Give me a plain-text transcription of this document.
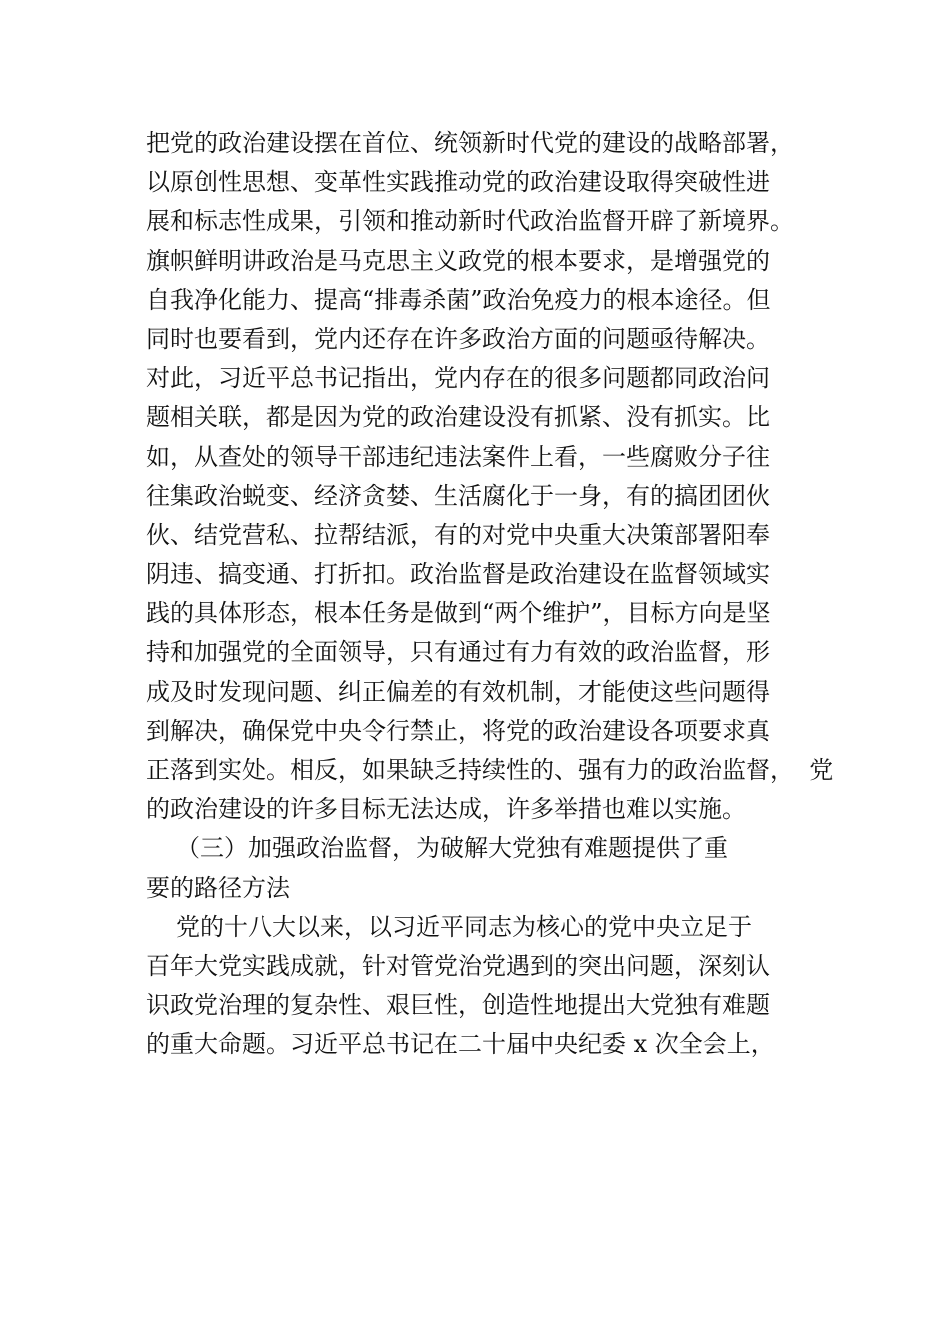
把党的政治建设摆在首位、统领新时代党的建设的战略部署，
以原创性思想、变革性实践推动党的政治建设取得突破性进
展和标志性成果，引领和推动新时代政治监督开辟了新境界。
旗帜鲜明讲政治是马克思主义政党的根本要求，是增强党的
自我净化能力、提高“排毒杀菌”政治免疫力的根本途径。但
同时也要看到，党内还存在许多政治方面的问题亟待解决。
对此，习近平总书记指出，党内存在的很多问题都同政治问
题相关联，都是因为党的政治建设没有抓紧、没有抓实。比
如，从查处的领导干部违纪违法案件上看，一些腐败分子往
往集政治蜕变、经济贪婪、生活腐化于一身，有的搞团团伙
伙、结党营私、拉帮结派，有的对党中央重大决策部署阳奉
阴违、搞变通、打折扣。政治监督是政治建设在监督领域实
践的具体形态，根本任务是做到“两个维护”，目标方向是坚
持和加强党的全面领导，只有通过有力有效的政治监督，形
成及时发现问题、纠正偏差的有效机制，才能使这些问题得
到解决，确保党中央令行禁止，将党的政治建设各项要求真
正落到实处。相反，如果缺乏持续性的、强有力的政治监督，  党
的政治建设的许多目标无法达成，许多举措也难以实施。
（三）加强政治监督，为破解大党独有难题提供了重
要的路径方法
党的十八大以来，以习近平同志为核心的党中央立足于
百年大党实践成就，针对管党治党遇到的突出问题，深刻认
识政党治理的复杂性、艰巨性，创造性地提出大党独有难题
的重大命题。习近平总书记在二十届中央纪委 x 次全会上，
